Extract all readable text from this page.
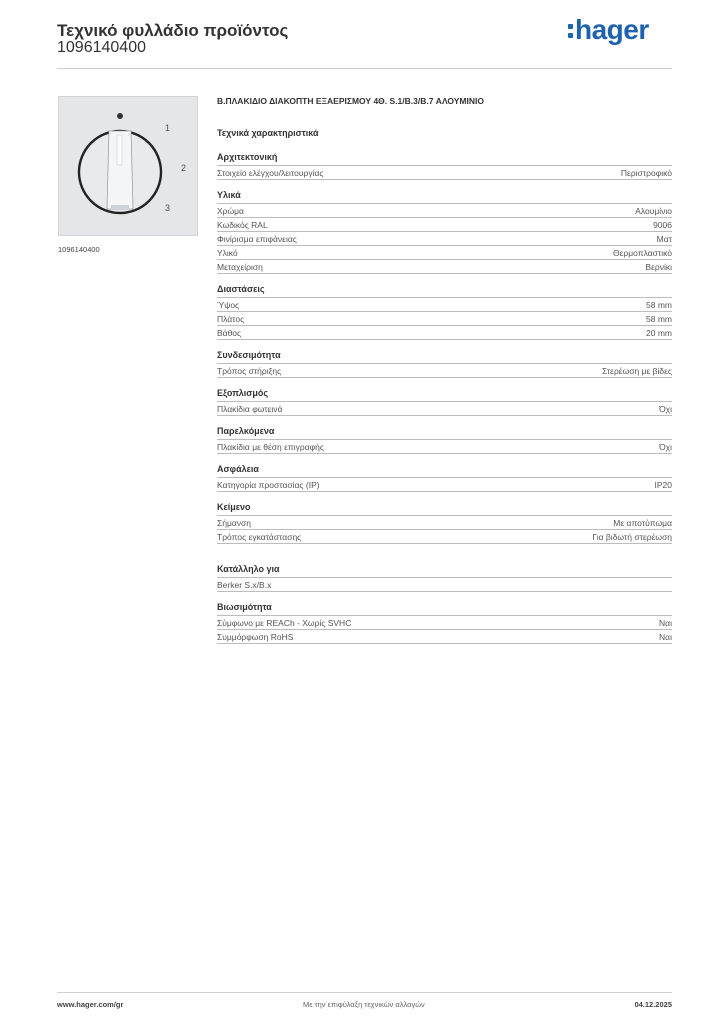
Τεχνικό φυλλάδιο προϊόντος
1096140400
hager
1
2
3
1096140400
Β.ΠΛΑΚΙΔΙΟ ΔΙΑΚΟΠΤΗ ΕΞΑΕΡΙΣΜΟΥ 4Θ. S.1/B.3/B.7 ΑΛΟΥΜΙΝΙΟ
Τεχνικά χαρακτηριστικά
Αρχιτεκτονική
Στοιχείο ελέγχου/λειτουργίας	Περιστροφικό
Υλικά
Χρώμα	Αλουμίνιο
Κωδικός RAL	9006
Φινίρισμα επιφάνειας	Ματ
Υλικό	Θερμοπλαστικό
Μεταχείριση	Βερνίκι
Διαστάσεις
Ύψος	58 mm
Πλάτος	58 mm
Βάθος	20 mm
Συνδεσιμότητα
Τρόπος στήριξης	Στερέωση με βίδες
Εξοπλισμός
Πλακίδια φωτεινά	Όχι
Παρελκόμενα
Πλακίδια με θέση επιγραφής	Όχι
Ασφάλεια
Κατηγορία προστασίας (IP)	IP20
Κείμενο
Σήμανση	Με αποτύπωμα
Τρόπος εγκατάστασης	Για βιδωτή στερέωση
Κατάλληλο για
Berker S.x/B.x
Βιωσιμότητα
Σύμφωνο με REACh - Χωρίς SVHC	Ναι
Συμμόρφωση RoHS	Ναι
www.hager.com/gr	Με την επιφύλαξη τεχνικών αλλαγών	04.12.2025
